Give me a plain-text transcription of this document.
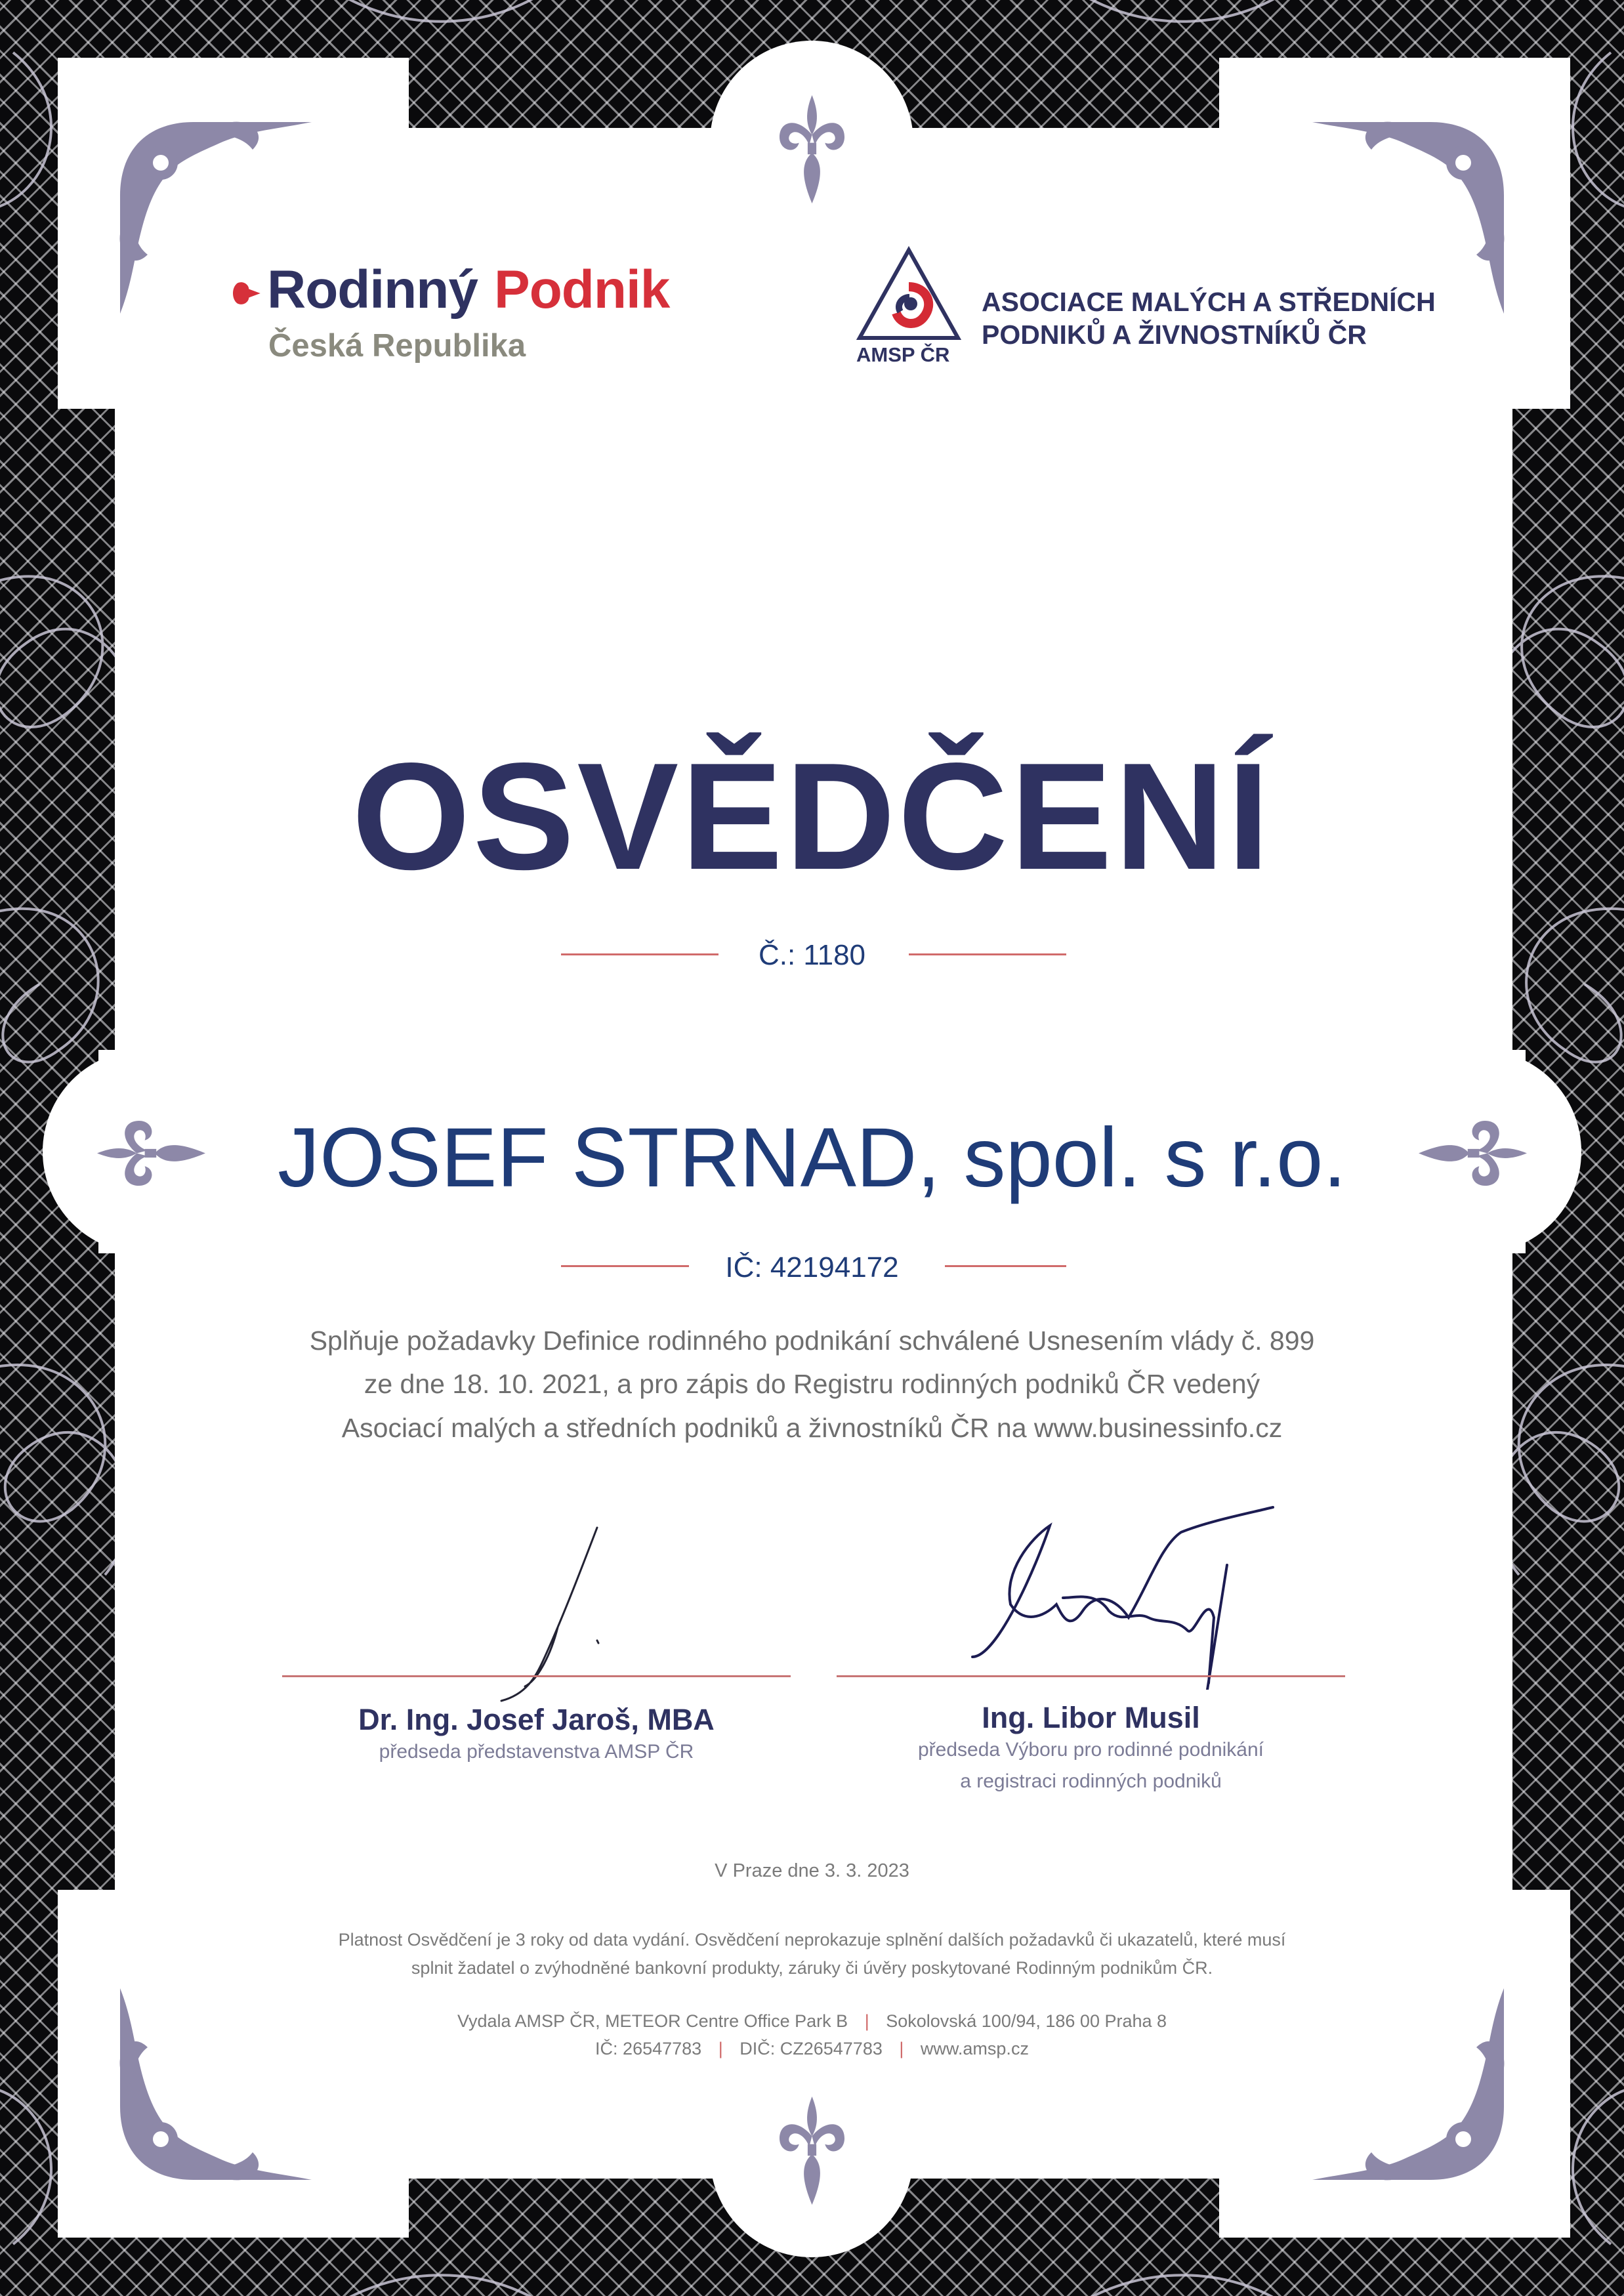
Rodinný Podnik
Česká Republika	AMSP ČR
ASOCIACE MALÝCH A STŘEDNÍCH
PODNIKŮ A ŽIVNOSTNÍKŮ ČR
OSVĚDČENÍ
Č.: 1180
JOSEF STRNAD, spol. s r.o.
IČ: 42194172
Splňuje požadavky Definice rodinného podnikání schválené Usnesením vlády č. 899
ze dne 18. 10. 2021, a pro zápis do Registru rodinných podniků ČR vedený
Asociací malých a středních podniků a živnostníků ČR na www.businessinfo.cz
Dr. Ing. Josef Jaroš, MBA
předseda představenstva AMSP ČR
Ing. Libor Musil
předseda Výboru pro rodinné podnikání
a registraci rodinných podniků
V Praze dne 3. 3. 2023
Platnost Osvědčení je 3 roky od data vydání. Osvědčení neprokazuje splnění dalších požadavků či ukazatelů, které musí
splnit žadatel o zvýhodněné bankovní produkty, záruky či úvěry poskytované Rodinným podnikům ČR.
Vydala AMSP ČR, METEOR Centre Office Park B | Sokolovská 100/94, 186 00 Praha 8
IČ: 26547783 | DIČ: CZ26547783 | www.amsp.cz
